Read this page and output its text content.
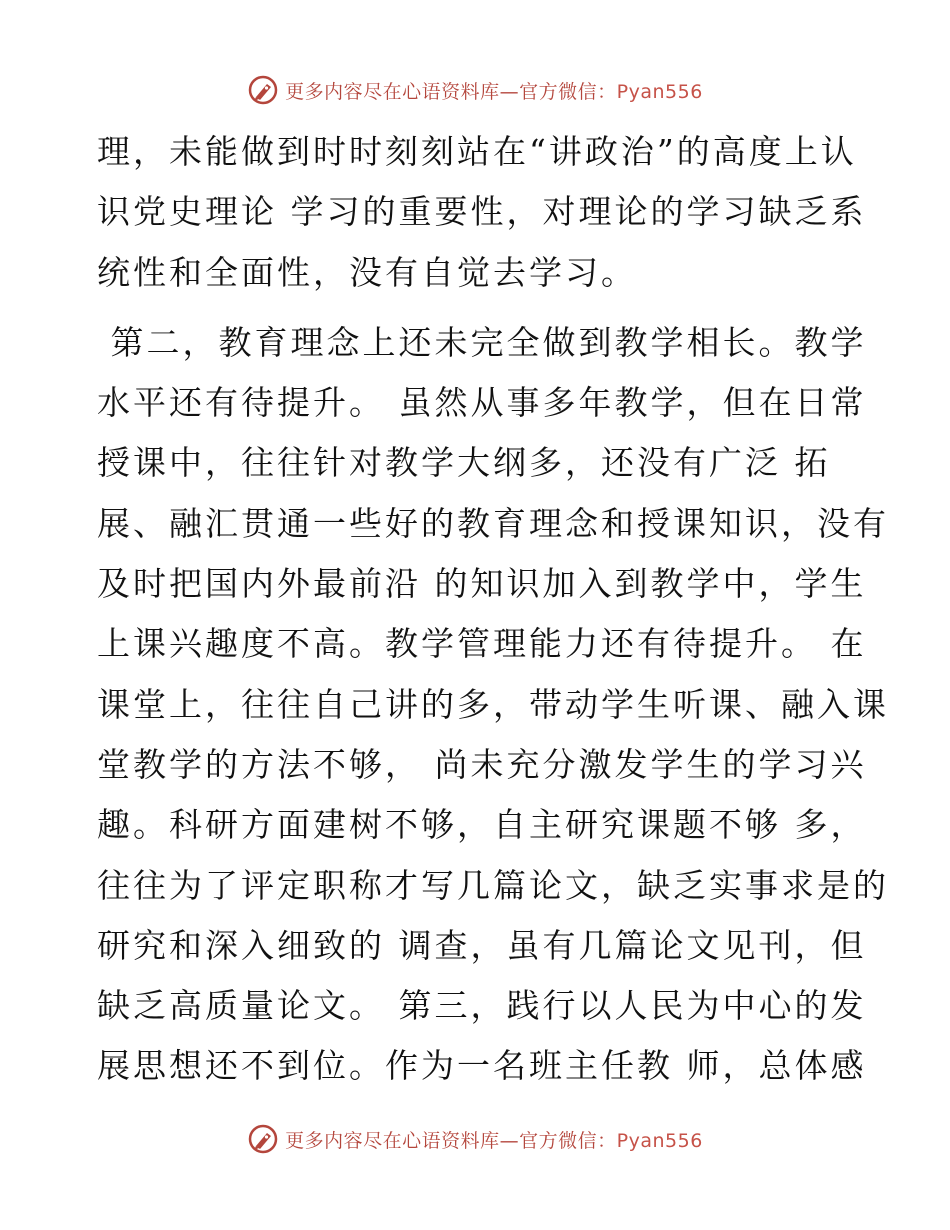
更多内容尽在心语资料库—官方微信：Pyan556

理，未能做到时时刻刻站在“讲政治”的高度上认

识党史理论 学习的重要性，对理论的学习缺乏系

统性和全面性，没有自觉去学习。

第二，教育理念上还未完全做到教学相长。教学

水平还有待提升。 虽然从事多年教学，但在日常

授课中，往往针对教学大纲多，还没有广泛 拓

展、融汇贯通一些好的教育理念和授课知识，没有

及时把国内外最前沿 的知识加入到教学中，学生

上课兴趣度不高。教学管理能力还有待提升。 在

课堂上，往往自己讲的多，带动学生听课、融入课

堂教学的方法不够， 尚未充分激发学生的学习兴

趣。科研方面建树不够，自主研究课题不够 多，

往往为了评定职称才写几篇论文，缺乏实事求是的

研究和深入细致的 调查，虽有几篇论文见刊，但

缺乏高质量论文。 第三，践行以人民为中心的发

展思想还不到位。作为一名班主任教 师，总体感

更多内容尽在心语资料库—官方微信：Pyan556
